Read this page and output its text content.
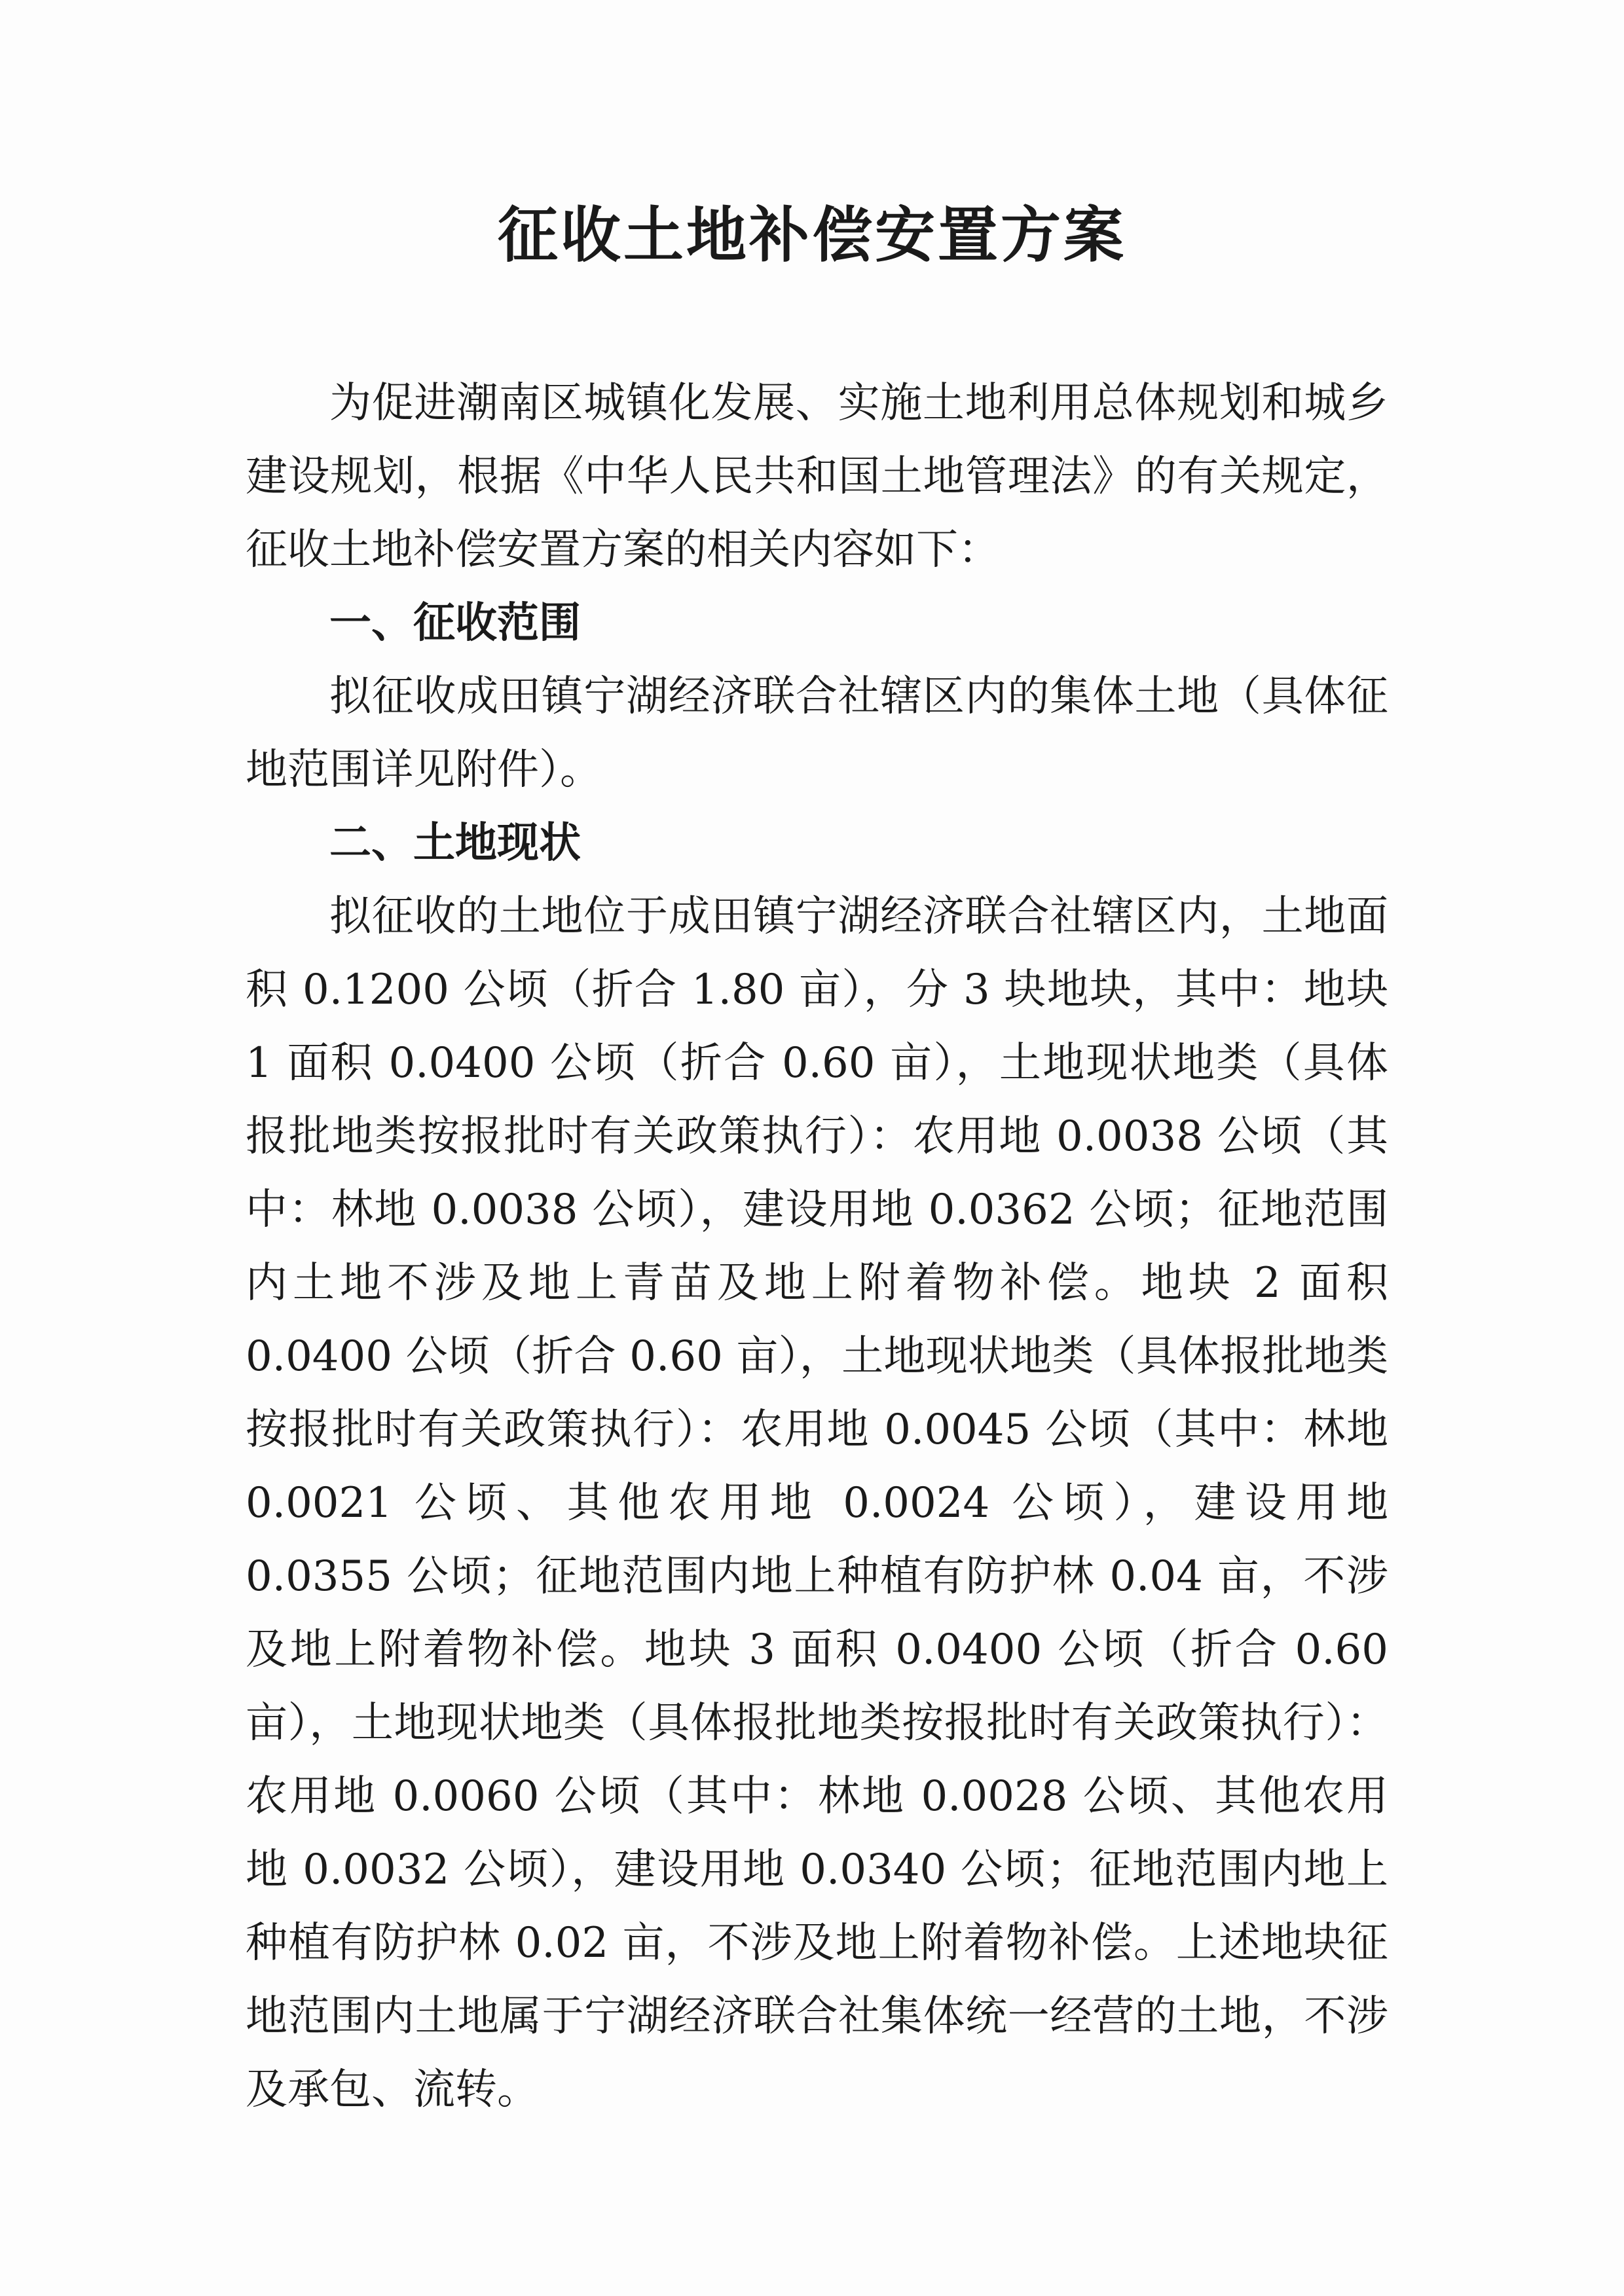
征收土地补偿安置方案

为促进潮南区城镇化发展、实施土地利用总体规划和城乡建设规划，根据《中华人民共和国土地管理法》的有关规定，征收土地补偿安置方案的相关内容如下：

一、征收范围

拟征收成田镇宁湖经济联合社辖区内的集体土地（具体征地范围详见附件）。

二、土地现状

拟征收的土地位于成田镇宁湖经济联合社辖区内，土地面积 0.1200 公顷（折合 1.80 亩），分 3 块地块，其中：地块 1 面积 0.0400 公顷（折合 0.60 亩），土地现状地类（具体报批地类按报批时有关政策执行）：农用地 0.0038 公顷（其中：林地 0.0038 公顷），建设用地 0.0362 公顷；征地范围内土地不涉及地上青苗及地上附着物补偿。地块 2 面积 0.0400 公顷（折合 0.60 亩），土地现状地类（具体报批地类按报批时有关政策执行）：农用地 0.0045 公顷（其中：林地 0.0021 公顷、其他农用地 0.0024 公顷），建设用地 0.0355 公顷；征地范围内地上种植有防护林 0.04 亩，不涉及地上附着物补偿。地块 3 面积 0.0400 公顷（折合 0.60 亩），土地现状地类（具体报批地类按报批时有关政策执行）：农用地 0.0060 公顷（其中：林地 0.0028 公顷、其他农用地 0.0032 公顷），建设用地 0.0340 公顷；征地范围内地上种植有防护林 0.02 亩，不涉及地上附着物补偿。上述地块征地范围内土地属于宁湖经济联合社集体统一经营的土地，不涉及承包、流转。
